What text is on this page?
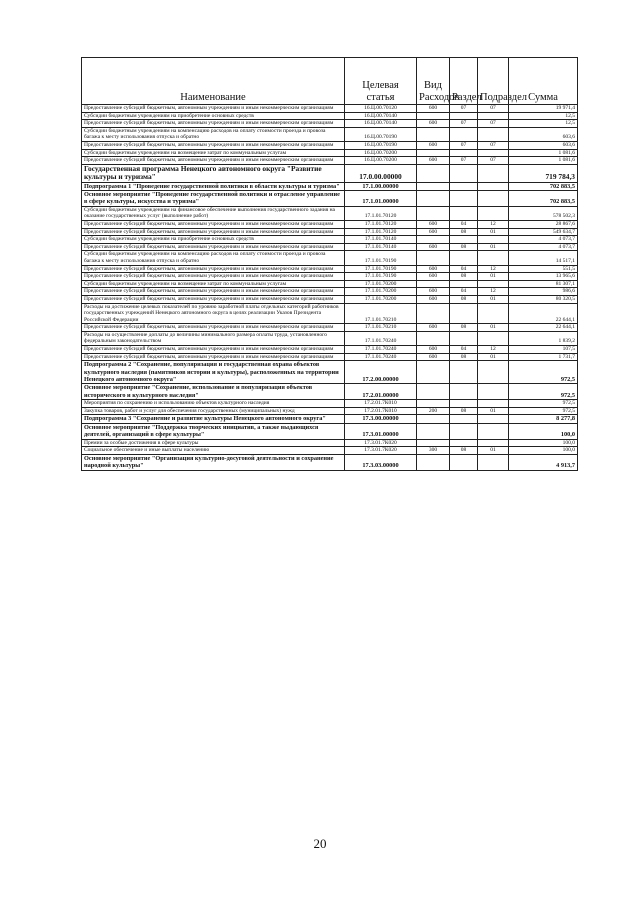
Наименование	Целевая статья	Вид Расходов	Раздел	Подраздел	Сумма
Предоставление субсидий бюджетным, автономным учреждениям и иным некоммерческим организациям	16.Ц.00.70120	600	07	07	19 971,4
Субсидии бюджетным учреждениям на приобретение основных средств	16.Ц.00.70140				12,5
Предоставление субсидий бюджетным, автономным учреждениям и иным некоммерческим организациям	16.Ц.00.70140	600	07	07	12,5
Субсидии бюджетным учреждениям на компенсацию расходов на оплату стоимости проезда и провоза багажа к месту использования отпуска и обратно	16.Ц.00.70190				603,6
Предоставление субсидий бюджетным, автономным учреждениям и иным некоммерческим организациям	16.Ц.00.70190	600	07	07	603,6
Субсидии бюджетным учреждениям на возмещение затрат по коммунальным услугам	16.Ц.00.70200				1 081,6
Предоставление субсидий бюджетным, автономным учреждениям и иным некоммерческим организациям	16.Ц.00.70200	600	07	07	1 081,6
Государственная программа Ненецкого автономного округа "Развитие культуры и туризма"	17.0.00.00000				719 784,3
Подпрограмма 1 "Проведение государственной политики в области культуры и туризма"	17.1.00.00000				702 883,5
Основное мероприятие "Проведение государственной политики и отраслевое управление в сфере культуры, искусства и туризма"	17.1.01.00000				702 883,5
Субсидии бюджетным учреждениям на финансовое обеспечение выполнения государственного задания на оказание государственных услуг (выполнение работ)	17.1.01.70120				578 502,3
Предоставление субсидий бюджетным, автономным учреждениям и иным некоммерческим организациям	17.1.01.70120	600	04	12	28 867,6
Предоставление субсидий бюджетным, автономным учреждениям и иным некоммерческим организациям	17.1.01.70120	600	08	01	549 634,7
Субсидии бюджетным учреждениям на приобретение основных средств	17.1.01.70140				4 073,7
Предоставление субсидий бюджетным, автономным учреждениям и иным некоммерческим организациям	17.1.01.70140	600	08	01	4 073,7
Субсидии бюджетным учреждениям на компенсацию расходов на оплату стоимости проезда и провоза багажа к месту использования отпуска и обратно	17.1.01.70190				14 517,1
Предоставление субсидий бюджетным, автономным учреждениям и иным некоммерческим организациям	17.1.01.70190	600	04	12	551,5
Предоставление субсидий бюджетным, автономным учреждениям и иным некоммерческим организациям	17.1.01.70190	600	08	01	13 965,6
Субсидии бюджетным учреждениям на возмещение затрат по коммунальным услугам	17.1.01.70200				81 307,1
Предоставление субсидий бюджетным, автономным учреждениям и иным некоммерческим организациям	17.1.01.70200	600	04	12	986,6
Предоставление субсидий бюджетным, автономным учреждениям и иным некоммерческим организациям	17.1.01.70200	600	08	01	80 320,5
Расходы на достижение целевых показателей по уровню заработной платы отдельных категорий работников государственных учреждений Ненецкого автономного округа в целях реализации Указов Президента Российской Федерации	17.1.01.70210				22 644,1
Предоставление субсидий бюджетным, автономным учреждениям и иным некоммерческим организациям	17.1.01.70210	600	08	01	22 644,1
Расходы на осуществление доплаты до величины минимального размера оплаты труда, установленного федеральным законодательством	17.1.01.70240				1 839,2
Предоставление субсидий бюджетным, автономным учреждениям и иным некоммерческим организациям	17.1.01.70240	600	04	12	107,5
Предоставление субсидий бюджетным, автономным учреждениям и иным некоммерческим организациям	17.1.01.70240	600	08	01	1 731,7
Подпрограмма 2 "Сохранение, популяризация и государственная охрана объектов культурного наследия (памятников истории и культуры), расположенных на территории Ненецкого автономного округа"	17.2.00.00000				972,5
Основное мероприятие "Сохранение, использование и популяризация объектов исторического и культурного наследия"	17.2.01.00000				972,5
Мероприятия по сохранению и использованию объектов культурного наследия	17.2.01.7К010				972,5
Закупка товаров, работ и услуг для обеспечения государственных (муниципальных) нужд	17.2.01.7К010	200	08	01	972,5
Подпрограмма 3 "Сохранение и развитие культуры Ненецкого автономного округа"	17.3.00.00000				8 277,8
Основное мероприятие "Поддержка творческих инициатив, а также выдающихся деятелей, организаций в сфере культуры"	17.3.01.00000				100,0
Премии за особые достижения в сфере культуры	17.3.01.7К020				100,0
Социальное обеспечение и иные выплаты населению	17.3.01.7К020	300	08	01	100,0
Основное мероприятие "Организация культурно-досуговой деятельности и сохранение народной культуры"	17.3.03.00000				4 913,7
20
